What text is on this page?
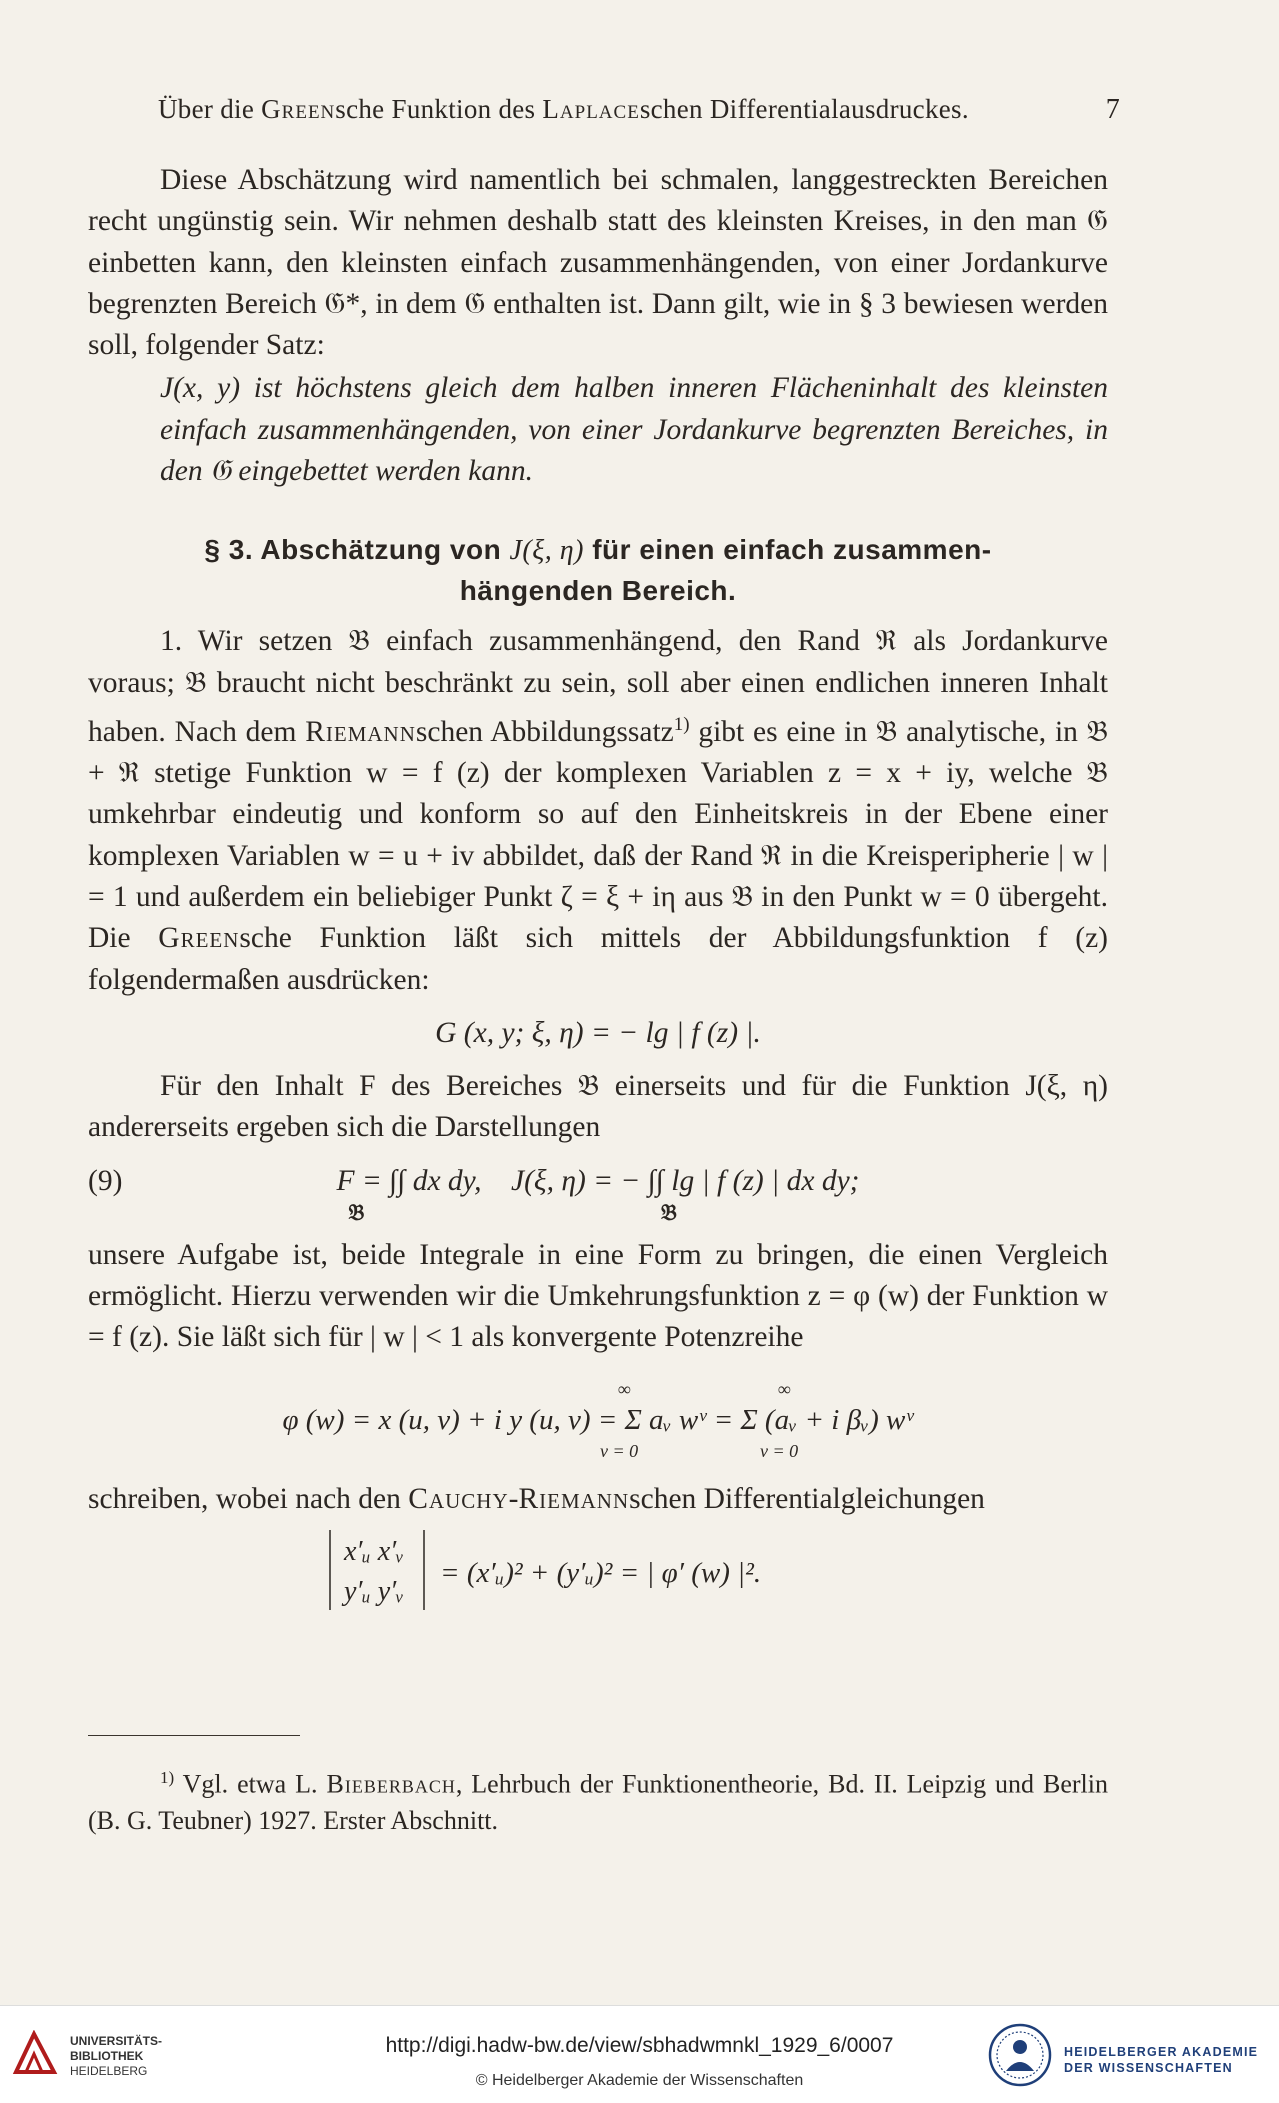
Über die Greensche Funktion des Laplaceschen Differentialausdruckes.	7

Diese Abschätzung wird namentlich bei schmalen, langgestreckten Bereichen recht ungünstig sein. Wir nehmen deshalb statt des kleinsten Kreises, in den man 𝔊 einbetten kann, den kleinsten einfach zusammenhängenden, von einer Jordankurve begrenzten Bereich 𝔊*, in dem 𝔊 enthalten ist. Dann gilt, wie in § 3 bewiesen werden soll, folgender Satz:

J(x, y) ist höchstens gleich dem halben inneren Flächeninhalt des kleinsten einfach zusammenhängenden, von einer Jordankurve begrenzten Bereiches, in den 𝔊 eingebettet werden kann.

§ 3. Abschätzung von J(ξ, η) für einen einfach zusammen-
hängenden Bereich.

1. Wir setzen 𝔅 einfach zusammenhängend, den Rand ℜ als Jordankurve voraus; 𝔅 braucht nicht beschränkt zu sein, soll aber einen endlichen inneren Inhalt haben. Nach dem Riemannschen Abbildungssatz$^{1)}$ gibt es eine in 𝔅 analytische, in 𝔅 + ℜ stetige Funktion w = f (z) der komplexen Variablen z = x + iy, welche 𝔅 umkehrbar eindeutig und konform so auf den Einheitskreis in der Ebene einer komplexen Variablen w = u + iv abbildet, daß der Rand ℜ in die Kreisperipherie | w | = 1 und außerdem ein beliebiger Punkt ζ = ξ + iη aus 𝔅 in den Punkt w = 0 übergeht. Die Greensche Funktion läßt sich mittels der Abbildungsfunktion f (z) folgendermaßen ausdrücken:

G (x, y; ξ, η) = − lg | f (z) |.

Für den Inhalt F des Bereiches 𝔅 einerseits und für die Funktion J(ξ, η) andererseits ergeben sich die Darstellungen

(9)	F = ∫∫ dx dy,
𝔅
J(ξ, η) = − ∫∫ lg | f (z) | dx dy;
𝔅

unsere Aufgabe ist, beide Integrale in eine Form zu bringen, die einen Vergleich ermöglicht. Hierzu verwenden wir die Umkehrungsfunktion z = φ (w) der Funktion w = f (z). Sie läßt sich für | w | < 1 als konvergente Potenzreihe

φ (w) = x (u, v) + i y (u, v) = Σ aᵥ wᵛ = Σ (aᵥ + i βᵥ) wᵛ
∞
ν = 0
∞
ν = 0

schreiben, wobei nach den Cauchy-Riemannschen Differentialgleichungen

x′ᵤ x′ᵥ
y′ᵤ y′ᵥ
= (x′ᵤ)² + (y′ᵤ)² = | φ′ (w) |².
$^{1)}$ Vgl. etwa L. Bieberbach, Lehrbuch der Funktionentheorie, Bd. II. Leipzig und Berlin (B. G. Teubner) 1927. Erster Abschnitt.
UNIVERSITÄTS-
BIBLIOTHEK
HEIDELBERG
http://digi.hadw-bw.de/view/sbhadwmnkl_1929_6/0007
© Heidelberger Akademie der Wissenschaften
HEIDELBERGER AKADEMIE
DER WISSENSCHAFTEN
